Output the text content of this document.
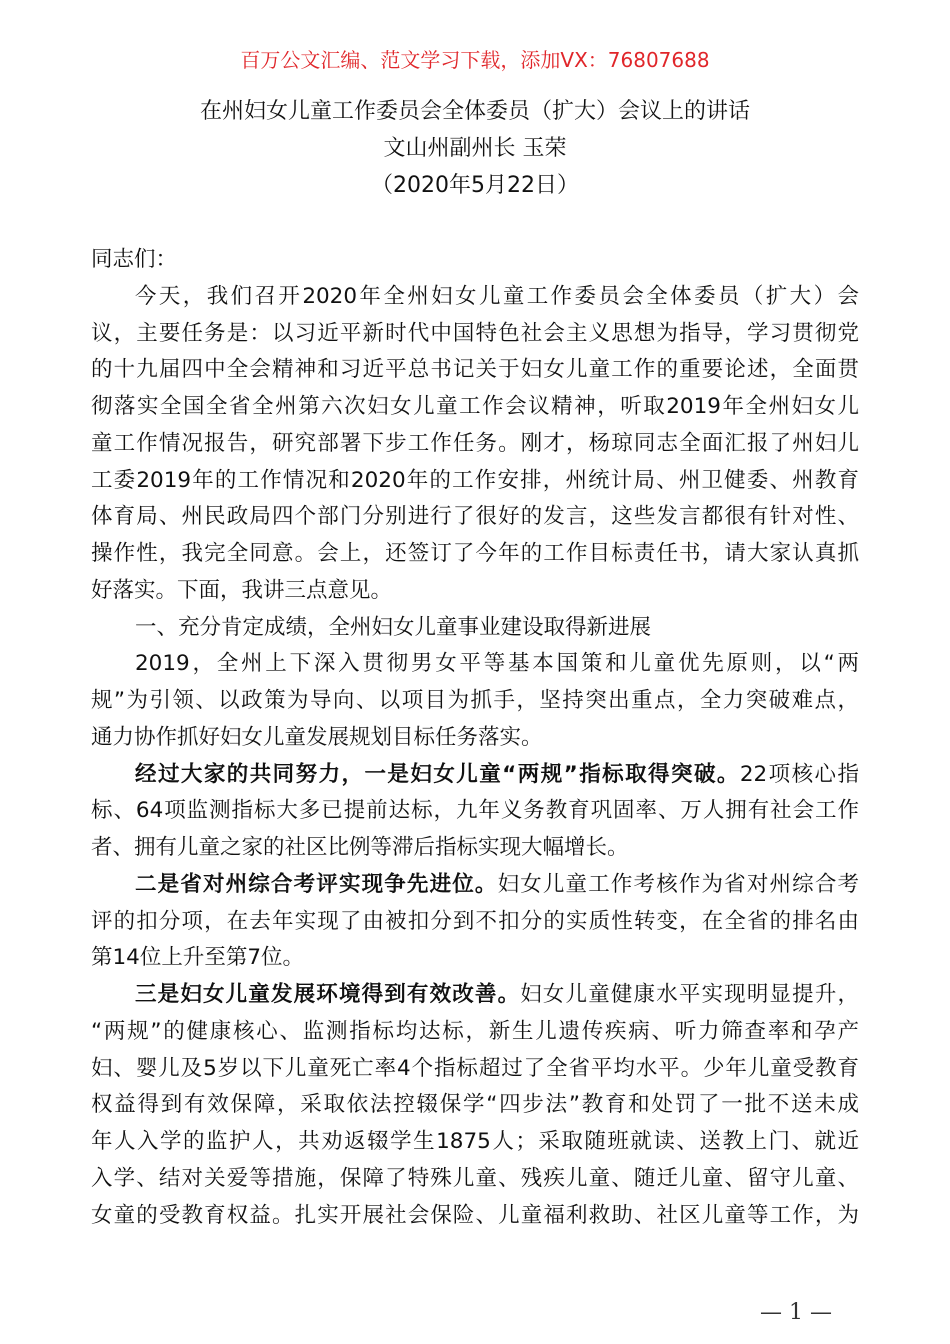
百万公文汇编、范文学习下载，添加VX：76807688
在州妇女儿童工作委员会全体委员（扩大）会议上的讲话
文山州副州长 玉荣
（2020年5月22日）
同志们：
今天，我们召开2020年全州妇女儿童工作委员会全体委员（扩大）会
议，主要任务是：以习近平新时代中国特色社会主义思想为指导，学习贯彻党
的十九届四中全会精神和习近平总书记关于妇女儿童工作的重要论述，全面贯
彻落实全国全省全州第六次妇女儿童工作会议精神，听取2019年全州妇女儿
童工作情况报告，研究部署下步工作任务。刚才，杨琼同志全面汇报了州妇儿
工委2019年的工作情况和2020年的工作安排，州统计局、州卫健委、州教育
体育局、州民政局四个部门分别进行了很好的发言，这些发言都很有针对性、
操作性，我完全同意。会上，还签订了今年的工作目标责任书，请大家认真抓
好落实。下面，我讲三点意见。
一、充分肯定成绩，全州妇女儿童事业建设取得新进展
2019，全州上下深入贯彻男女平等基本国策和儿童优先原则，以“两
规”为引领、以政策为导向、以项目为抓手，坚持突出重点，全力突破难点，
通力协作抓好妇女儿童发展规划目标任务落实。
经过大家的共同努力，一是妇女儿童“两规”指标取得突破。22项核心指
标、64项监测指标大多已提前达标，九年义务教育巩固率、万人拥有社会工作
者、拥有儿童之家的社区比例等滞后指标实现大幅增长。
二是省对州综合考评实现争先进位。妇女儿童工作考核作为省对州综合考
评的扣分项，在去年实现了由被扣分到不扣分的实质性转变，在全省的排名由
第14位上升至第7位。
三是妇女儿童发展环境得到有效改善。妇女儿童健康水平实现明显提升，
“两规”的健康核心、监测指标均达标，新生儿遗传疾病、听力筛查率和孕产
妇、婴儿及5岁以下儿童死亡率4个指标超过了全省平均水平。少年儿童受教育
权益得到有效保障，采取依法控辍保学“四步法”教育和处罚了一批不送未成
年人入学的监护人，共劝返辍学生1875人；采取随班就读、送教上门、就近
入学、结对关爱等措施，保障了特殊儿童、残疾儿童、随迁儿童、留守儿童、
女童的受教育权益。扎实开展社会保险、儿童福利救助、社区儿童等工作，为
— 1 —
